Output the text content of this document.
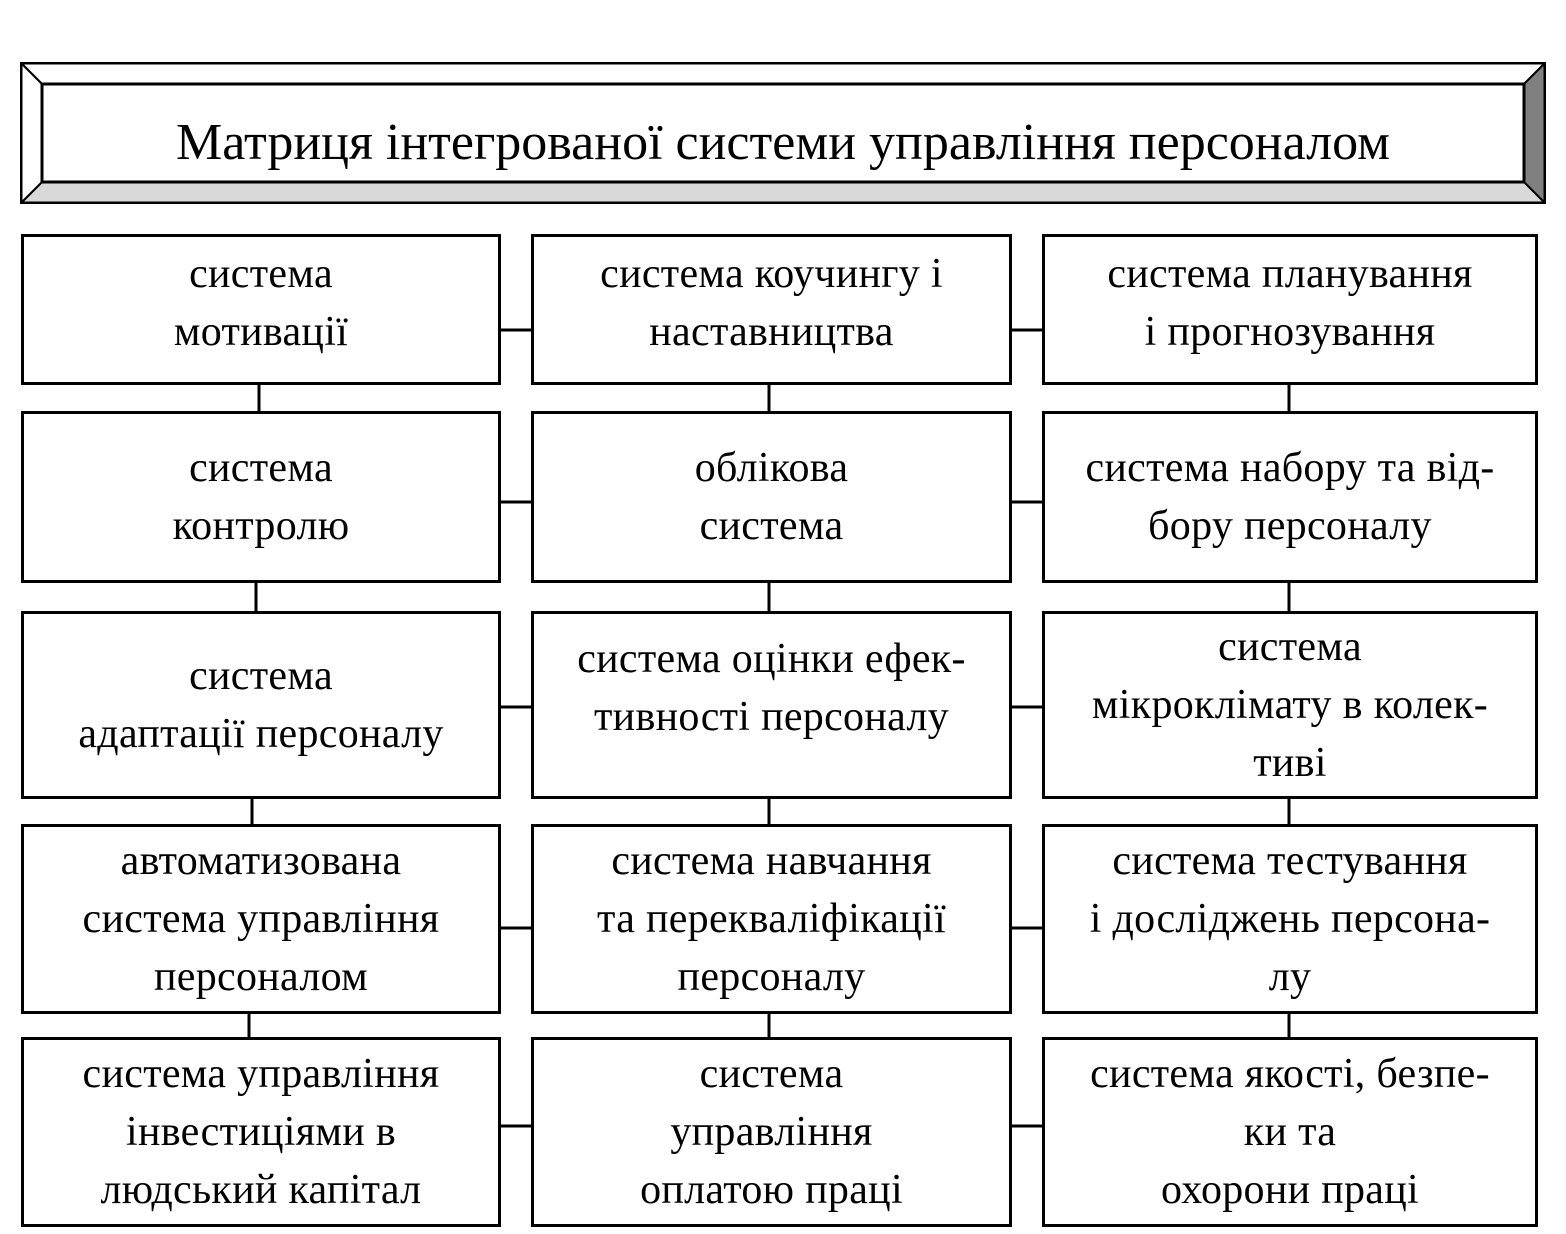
Матриця інтегрованої системи управління персоналом
система
мотивації
система коучингу і
наставництва
система планування
і прогнозування
система
контролю
облікова
система
система набору та від-
бору персоналу
система
адаптації персоналу
система оцінки ефек-
тивності персоналу
система
мікроклімату в колек-
тиві
автоматизована
система управління
персоналом
система навчання
та перекваліфікації
персоналу
система тестування
і досліджень персона-
лу
система управління
інвестиціями в
людський капітал
система
управління
оплатою праці
система якості, безпе-
ки та
охорони праці
